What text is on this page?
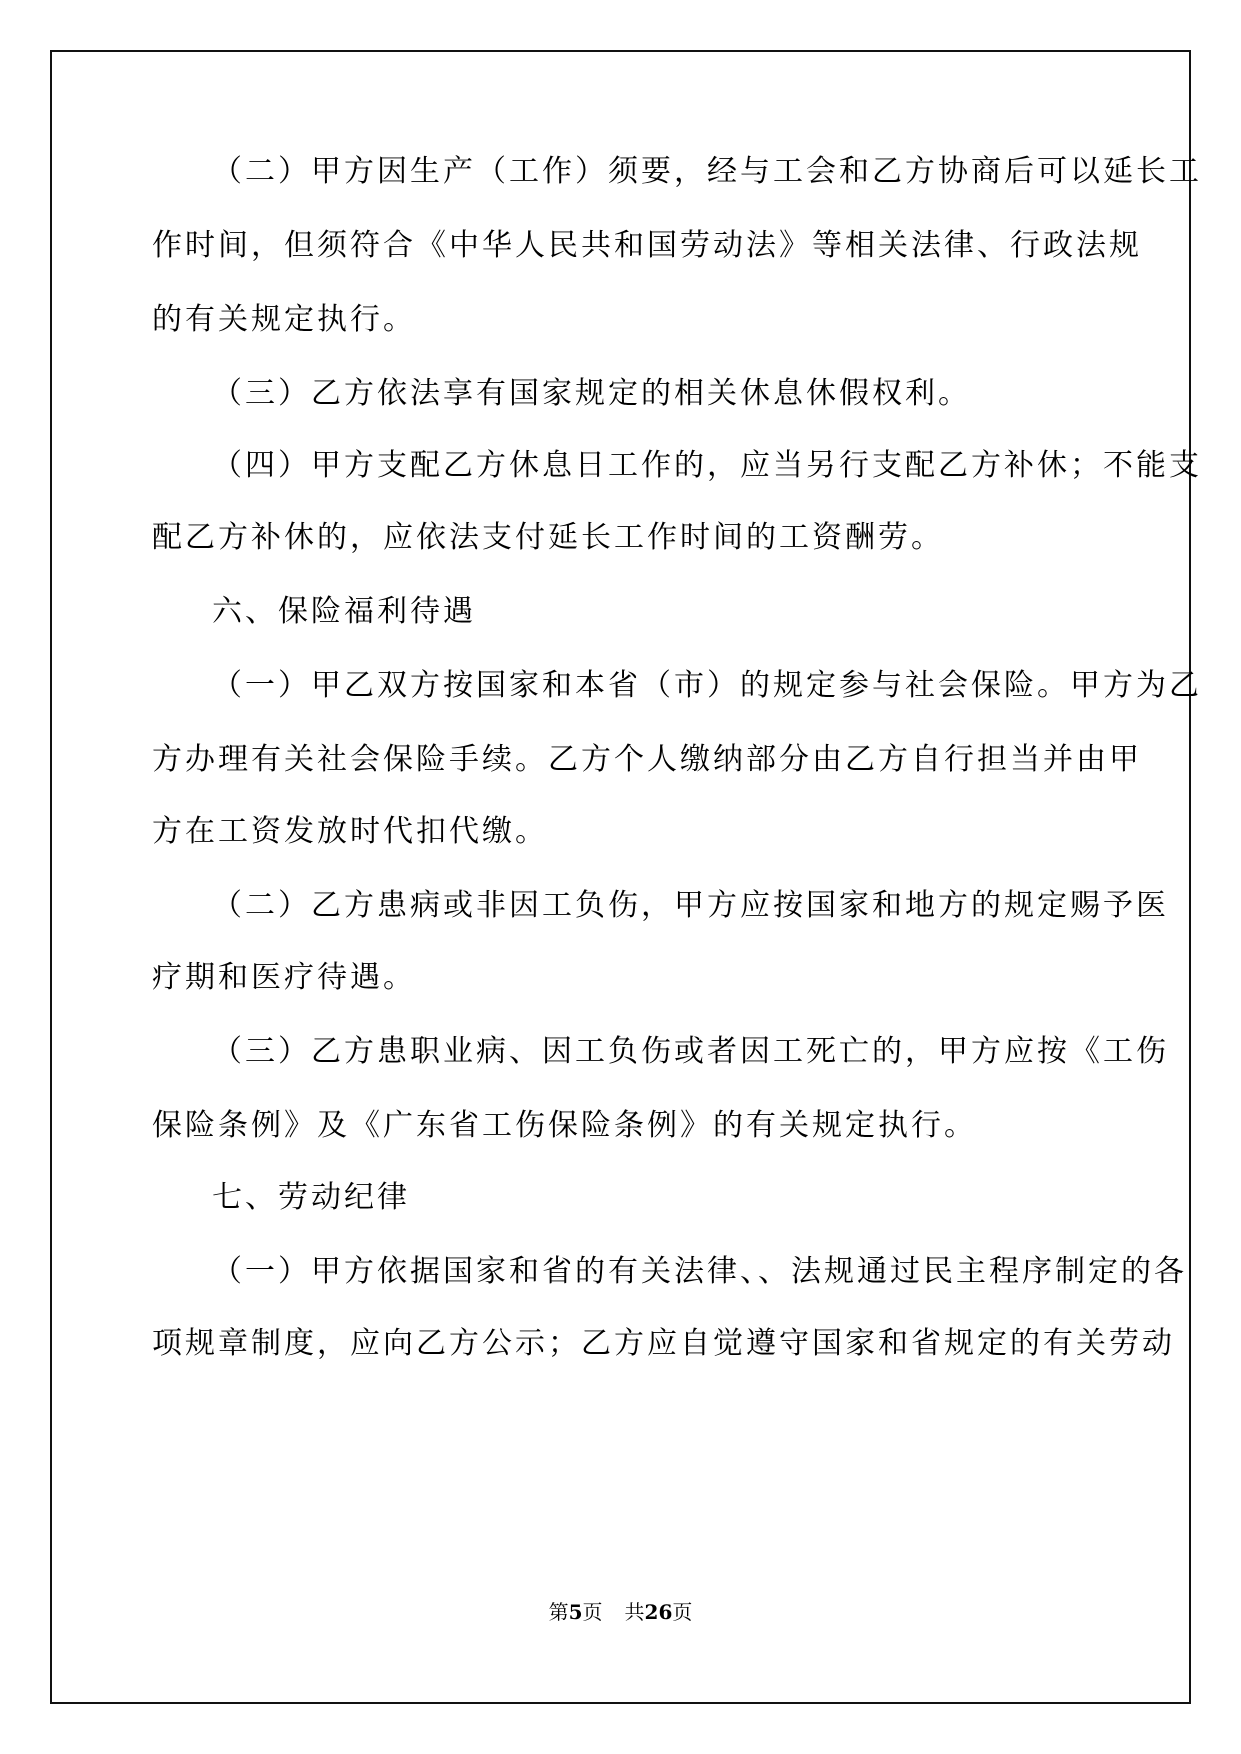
（二）甲方因生产（工作）须要，经与工会和乙方协商后可以延长工

作时间，但须符合《中华人民共和国劳动法》等相关法律、行政法规

的有关规定执行。

（三）乙方依法享有国家规定的相关休息休假权利。

（四）甲方支配乙方休息日工作的，应当另行支配乙方补休；不能支

配乙方补休的，应依法支付延长工作时间的工资酬劳。

六、保险福利待遇

（一）甲乙双方按国家和本省（市）的规定参与社会保险。甲方为乙

方办理有关社会保险手续。乙方个人缴纳部分由乙方自行担当并由甲

方在工资发放时代扣代缴。

（二）乙方患病或非因工负伤，甲方应按国家和地方的规定赐予医

疗期和医疗待遇。

（三）乙方患职业病、因工负伤或者因工死亡的，甲方应按《工伤

保险条例》及《广东省工伤保险条例》的有关规定执行。

七、劳动纪律

（一）甲方依据国家和省的有关法律、、法规通过民主程序制定的各

项规章制度，应向乙方公示；乙方应自觉遵守国家和省规定的有关劳动

第5页 共26页
